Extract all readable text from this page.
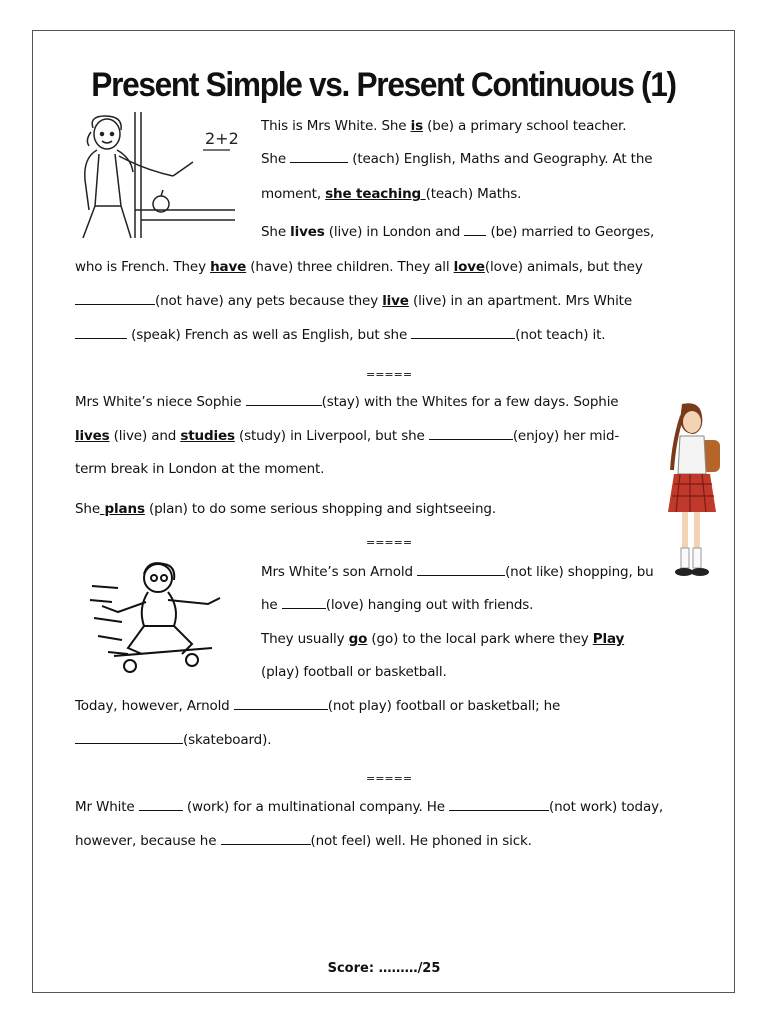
Present Simple vs. Present Continuous (1)
2+2

This is Mrs White. She is (be) a primary school teacher.

She	(teach) English, Maths and Geography. At the

moment, she teaching (teach) Maths.

She lives (live) in London and  (be) married to Georges,

who is French. They have (have) three children. They all love(love) animals, but they

(not have) any pets because they live (live) in an apartment. Mrs White

(speak) French as well as English, but she	(not teach) it.

=====

Mrs White’s niece Sophie	(stay) with the Whites for a few days. Sophie

lives (live) and studies (study) in Liverpool, but she	(enjoy) her mid-

term break in London at the moment.

She plans (plan) to do some serious shopping and sightseeing.

=====

Mrs White’s son Arnold	(not like) shopping, bu

he	(love) hanging out with friends.

They usually go (go) to the local park where they Play

(play) football or basketball.

Today, however, Arnold	(not play) football or basketball; he

(skateboard).

=====

Mr White	(work) for a multinational company. He	(not work) today,

however, because he	(not feel) well. He phoned in sick.

Score: ………/25
